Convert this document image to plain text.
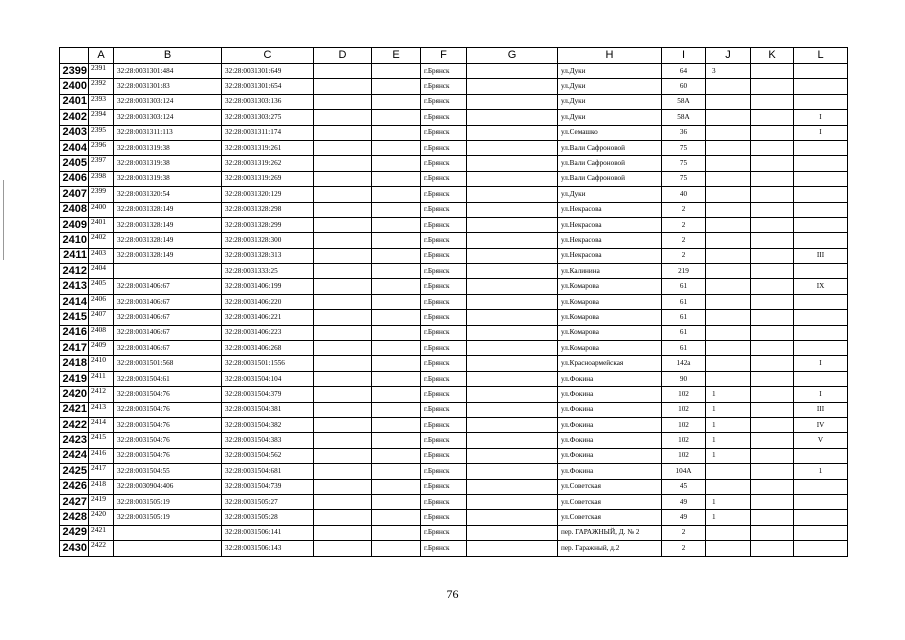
	A	B	C	D	E	F	G	H	I	J	K	L
2399	2391	32:28:0031301:484	32:28:0031301:649			г.Брянск		ул.Дуки	64	3		
2400	2392	32:28:0031301:83	32:28:0031301:654			г.Брянск		ул.Дуки	60			
2401	2393	32:28:0031303:124	32:28:0031303:136			г.Брянск		ул.Дуки	58А			
2402	2394	32:28:0031303:124	32:28:0031303:275			г.Брянск		ул.Дуки	58А			I
2403	2395	32:28:0031311:113	32:28:0031311:174			г.Брянск		ул.Семашко	36			I
2404	2396	32:28:0031319:38	32:28:0031319:261			г.Брянск		ул.Вали Сафроновой	75			
2405	2397	32:28:0031319:38	32:28:0031319:262			г.Брянск		ул.Вали Сафроновой	75			
2406	2398	32:28:0031319:38	32:28:0031319:269			г.Брянск		ул.Вали Сафроновой	75			
2407	2399	32:28:0031320:54	32:28:0031320:129			г.Брянск		ул.Дуки	40			
2408	2400	32:28:0031328:149	32:28:0031328:298			г.Брянск		ул.Некрасова	2			
2409	2401	32:28:0031328:149	32:28:0031328:299			г.Брянск		ул.Некрасова	2			
2410	2402	32:28:0031328:149	32:28:0031328:300			г.Брянск		ул.Некрасова	2			
2411	2403	32:28:0031328:149	32:28:0031328:313			г.Брянск		ул.Некрасова	2			III
2412	2404		32:28:0031333:25			г.Брянск		ул.Калинина	219			
2413	2405	32:28:0031406:67	32:28:0031406:199			г.Брянск		ул.Комарова	61			IX
2414	2406	32:28:0031406:67	32:28:0031406:220			г.Брянск		ул.Комарова	61			
2415	2407	32:28:0031406:67	32:28:0031406:221			г.Брянск		ул.Комарова	61			
2416	2408	32:28:0031406:67	32:28:0031406:223			г.Брянск		ул.Комарова	61			
2417	2409	32:28:0031406:67	32:28:0031406:268			г.Брянск		ул.Комарова	61			
2418	2410	32:28:0031501:568	32:28:0031501:1556			г.Брянск		ул.Красноармейская	142а			I
2419	2411	32:28:0031504:61	32:28:0031504:104			г.Брянск		ул.Фокина	90			
2420	2412	32:28:0031504:76	32:28:0031504:379			г.Брянск		ул.Фокина	102	1		I
2421	2413	32:28:0031504:76	32:28:0031504:381			г.Брянск		ул.Фокина	102	1		III
2422	2414	32:28:0031504:76	32:28:0031504:382			г.Брянск		ул.Фокина	102	1		IV
2423	2415	32:28:0031504:76	32:28:0031504:383			г.Брянск		ул.Фокина	102	1		V
2424	2416	32:28:0031504:76	32:28:0031504:562			г.Брянск		ул.Фокина	102	1		
2425	2417	32:28:0031504:55	32:28:0031504:681			г.Брянск		ул.Фокина	104А			1
2426	2418	32:28:0030904:406	32:28:0031504:739			г.Брянск		ул.Советская	45			
2427	2419	32:28:0031505:19	32:28:0031505:27			г.Брянск		ул.Советская	49	1		
2428	2420	32:28:0031505:19	32:28:0031505:28			г.Брянск		ул.Советская	49	1		
2429	2421		32:28:0031506:141			г.Брянск		пер. ГАРАЖНЫЙ, Д. № 2	2			
2430	2422		32:28:0031506:143			г.Брянск		пер. Гаражный, д.2	2			
76
